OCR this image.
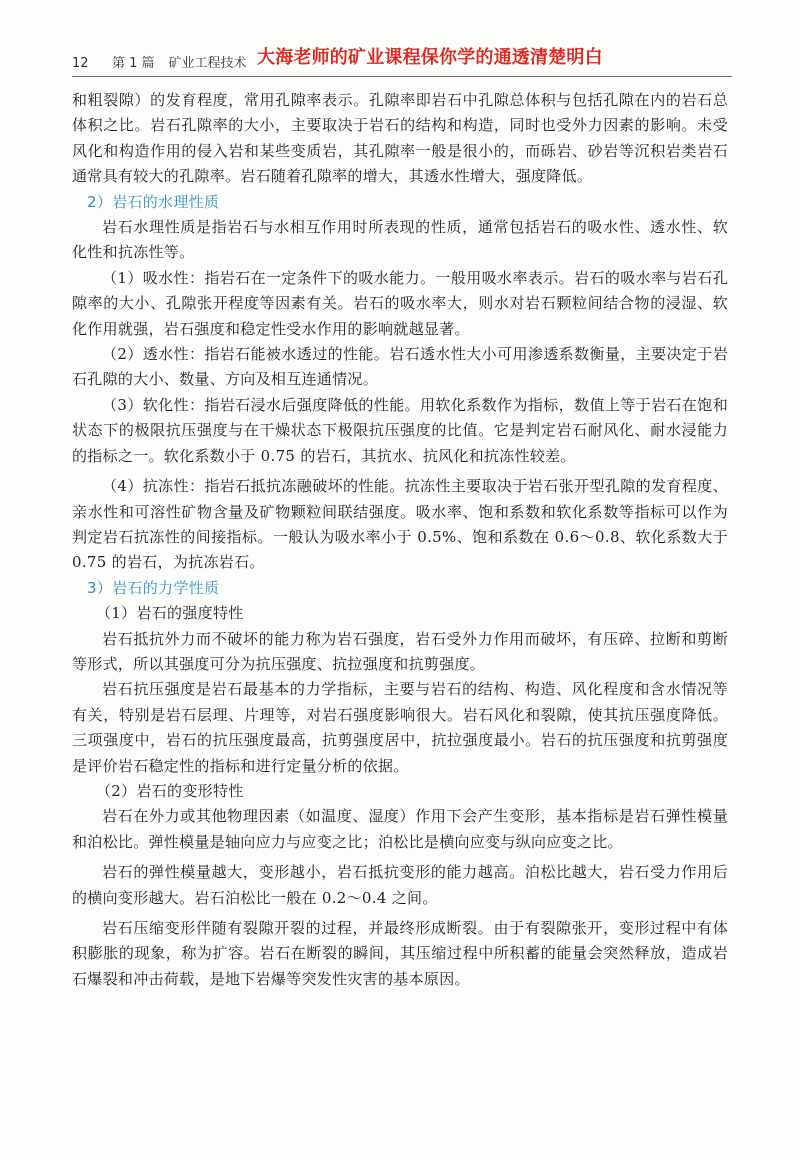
12 第 1 篇 矿业工程技术 大海老师的矿业课程保你学的通透清楚明白

和粗裂隙）的发育程度，常用孔隙率表示。孔隙率即岩石中孔隙总体积与包括孔隙在内的岩石总体积之比。岩石孔隙率的大小，主要取决于岩石的结构和构造，同时也受外力因素的影响。未受风化和构造作用的侵入岩和某些变质岩，其孔隙率一般是很小的，而砾岩、砂岩等沉积岩类岩石通常具有较大的孔隙率。岩石随着孔隙率的增大，其透水性增大，强度降低。

2）岩石的水理性质

岩石水理性质是指岩石与水相互作用时所表现的性质，通常包括岩石的吸水性、透水性、软化性和抗冻性等。

（1）吸水性：指岩石在一定条件下的吸水能力。一般用吸水率表示。岩石的吸水率与岩石孔隙率的大小、孔隙张开程度等因素有关。岩石的吸水率大，则水对岩石颗粒间结合物的浸湿、软化作用就强，岩石强度和稳定性受水作用的影响就越显著。

（2）透水性：指岩石能被水透过的性能。岩石透水性大小可用渗透系数衡量，主要决定于岩石孔隙的大小、数量、方向及相互连通情况。

（3）软化性：指岩石浸水后强度降低的性能。用软化系数作为指标，数值上等于岩石在饱和状态下的极限抗压强度与在干燥状态下极限抗压强度的比值。它是判定岩石耐风化、耐水浸能力的指标之一。软化系数小于 0.75 的岩石，其抗水、抗风化和抗冻性较差。

（4）抗冻性：指岩石抵抗冻融破坏的性能。抗冻性主要取决于岩石张开型孔隙的发育程度、亲水性和可溶性矿物含量及矿物颗粒间联结强度。吸水率、饱和系数和软化系数等指标可以作为判定岩石抗冻性的间接指标。一般认为吸水率小于 0.5%、饱和系数在 0.6～0.8、软化系数大于 0.75 的岩石，为抗冻岩石。

3）岩石的力学性质

（1）岩石的强度特性

岩石抵抗外力而不破坏的能力称为岩石强度，岩石受外力作用而破坏，有压碎、拉断和剪断等形式，所以其强度可分为抗压强度、抗拉强度和抗剪强度。

岩石抗压强度是岩石最基本的力学指标，主要与岩石的结构、构造、风化程度和含水情况等有关，特别是岩石层理、片理等，对岩石强度影响很大。岩石风化和裂隙，使其抗压强度降低。三项强度中，岩石的抗压强度最高，抗剪强度居中，抗拉强度最小。岩石的抗压强度和抗剪强度是评价岩石稳定性的指标和进行定量分析的依据。

（2）岩石的变形特性

岩石在外力或其他物理因素（如温度、湿度）作用下会产生变形，基本指标是岩石弹性模量和泊松比。弹性模量是轴向应力与应变之比；泊松比是横向应变与纵向应变之比。

岩石的弹性模量越大，变形越小，岩石抵抗变形的能力越高。泊松比越大，岩石受力作用后的横向变形越大。岩石泊松比一般在 0.2～0.4 之间。

岩石压缩变形伴随有裂隙开裂的过程，并最终形成断裂。由于有裂隙张开，变形过程中有体积膨胀的现象，称为扩容。岩石在断裂的瞬间，其压缩过程中所积蓄的能量会突然释放，造成岩石爆裂和冲击荷载，是地下岩爆等突发性灾害的基本原因。
